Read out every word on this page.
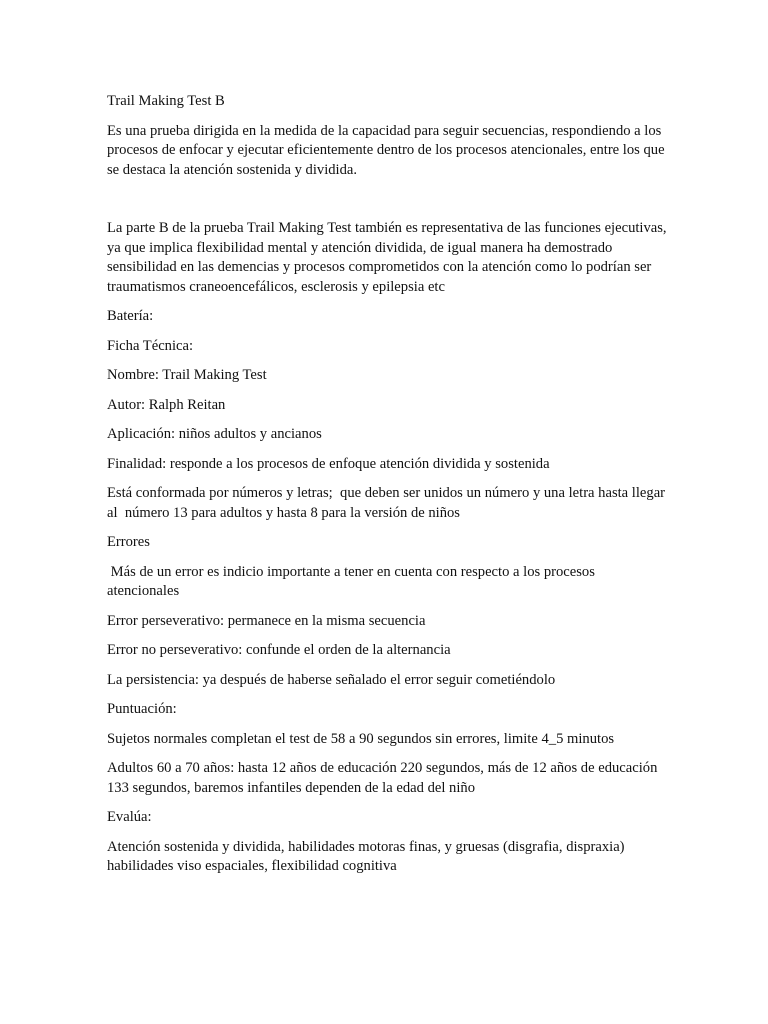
Trail Making Test B

Es una prueba dirigida en la medida de la capacidad para seguir secuencias, respondiendo a los procesos de enfocar y ejecutar eficientemente dentro de los procesos atencionales, entre los que se destaca la atención sostenida y dividida.

La parte B de la prueba Trail Making Test también es representativa de las funciones ejecutivas, ya que implica flexibilidad mental y atención dividida, de igual manera ha demostrado sensibilidad en las demencias y procesos comprometidos con la atención como lo podrían ser traumatismos craneoencefálicos, esclerosis y epilepsia etc

Batería:

Ficha Técnica:

Nombre: Trail Making Test

Autor: Ralph Reitan

Aplicación: niños adultos y ancianos

Finalidad: responde a los procesos de enfoque atención dividida y sostenida

Está conformada por números y letras;  que deben ser unidos un número y una letra hasta llegar al  número 13 para adultos y hasta 8 para la versión de niños

Errores

Más de un error es indicio importante a tener en cuenta con respecto a los procesos atencionales

Error perseverativo: permanece en la misma secuencia

Error no perseverativo: confunde el orden de la alternancia

La persistencia: ya después de haberse señalado el error seguir cometiéndolo

Puntuación:

Sujetos normales completan el test de 58 a 90 segundos sin errores, limite 4_5 minutos

Adultos 60 a 70 años: hasta 12 años de educación 220 segundos, más de 12 años de educación 133 segundos, baremos infantiles dependen de la edad del niño

Evalúa:

Atención sostenida y dividida, habilidades motoras finas, y gruesas (disgrafia, dispraxia) habilidades viso espaciales, flexibilidad cognitiva
